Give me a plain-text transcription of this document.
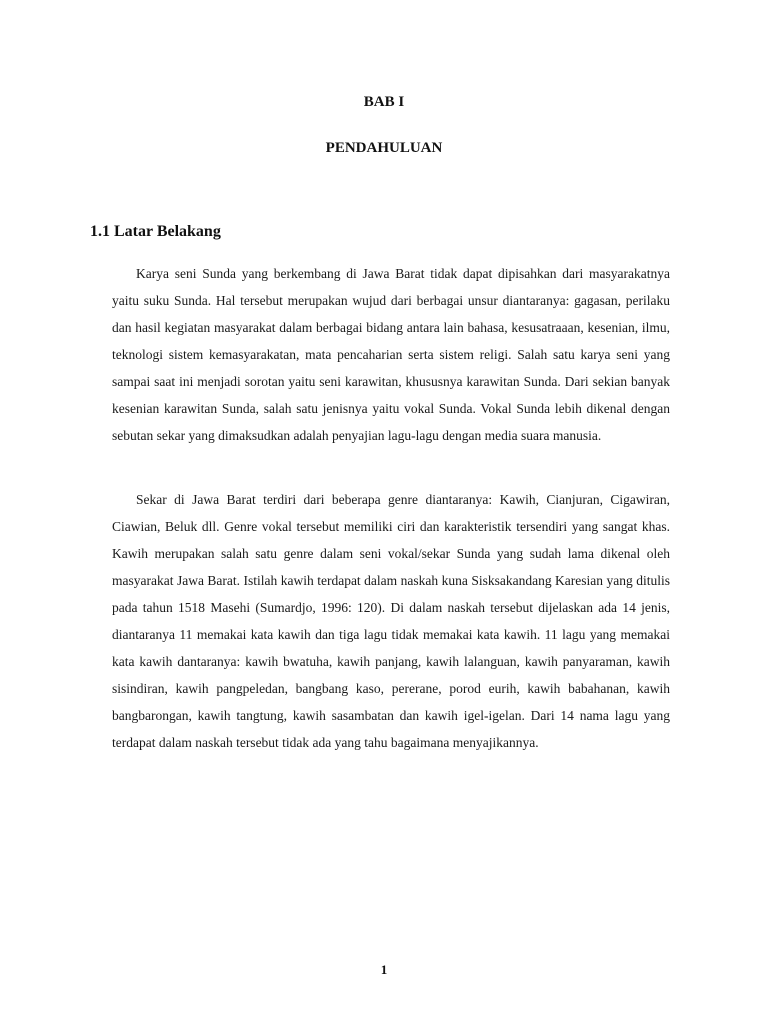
BAB I
PENDAHULUAN
1.1 Latar Belakang

Karya seni Sunda yang berkembang di Jawa Barat tidak dapat dipisahkan dari masyarakatnya yaitu suku Sunda. Hal tersebut merupakan wujud dari berbagai unsur diantaranya: gagasan, perilaku dan hasil kegiatan masyarakat dalam berbagai bidang antara lain bahasa, kesusatraaan, kesenian, ilmu, teknologi sistem kemasyarakatan, mata pencaharian serta sistem religi. Salah satu karya seni yang sampai saat ini menjadi sorotan yaitu seni karawitan, khususnya karawitan Sunda. Dari sekian banyak kesenian karawitan Sunda, salah satu jenisnya yaitu vokal Sunda. Vokal Sunda lebih dikenal dengan sebutan sekar yang dimaksudkan adalah penyajian lagu-lagu dengan media suara manusia.

Sekar di Jawa Barat terdiri dari beberapa genre diantaranya: Kawih, Cianjuran, Cigawiran, Ciawian, Beluk dll. Genre vokal tersebut memiliki ciri dan karakteristik tersendiri yang sangat khas. Kawih merupakan salah satu genre dalam seni vokal/sekar Sunda yang sudah lama dikenal oleh masyarakat Jawa Barat. Istilah kawih terdapat dalam naskah kuna Sisksakandang Karesian yang ditulis pada tahun 1518 Masehi (Sumardjo, 1996: 120). Di dalam naskah tersebut dijelaskan ada 14 jenis, diantaranya 11 memakai kata kawih dan tiga lagu tidak memakai kata kawih. 11 lagu yang memakai kata kawih dantaranya: kawih bwatuha, kawih panjang, kawih lalanguan, kawih panyaraman, kawih sisindiran, kawih pangpeledan, bangbang kaso, pererane, porod eurih, kawih babahanan, kawih bangbarongan, kawih tangtung, kawih sasambatan dan kawih igel-igelan. Dari 14 nama lagu yang terdapat dalam naskah tersebut tidak ada yang tahu bagaimana menyajikannya.

1
